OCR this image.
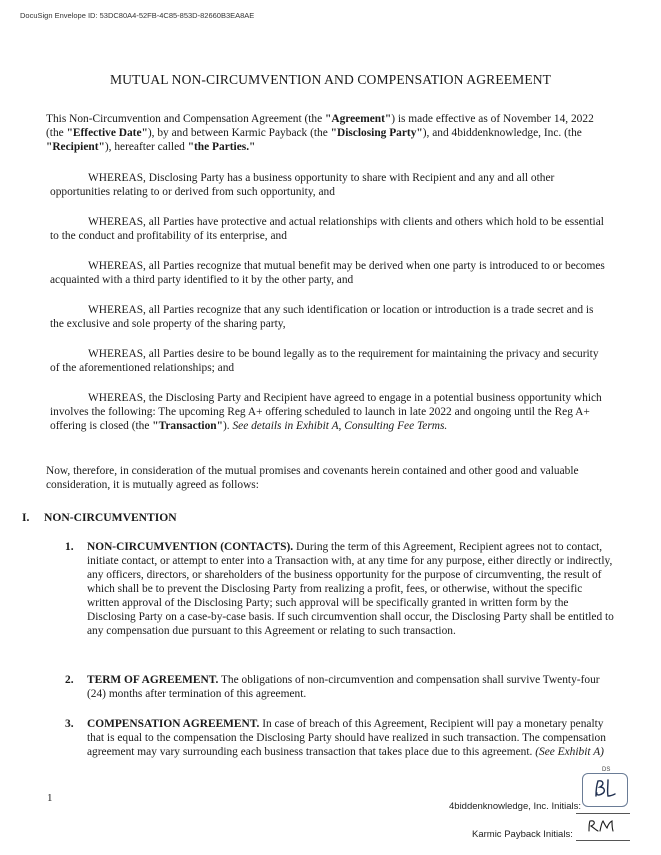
DocuSign Envelope ID: 53DC80A4-52FB-4C85-853D-82660B3EA8AE
MUTUAL NON-CIRCUMVENTION AND COMPENSATION AGREEMENT

This Non-Circumvention and Compensation Agreement (the "Agreement") is made effective as of November 14, 2022 (the "Effective Date"), by and between Karmic Payback (the "Disclosing Party"), and 4biddenknowledge, Inc. (the "Recipient"), hereafter called "the Parties."

WHEREAS, Disclosing Party has a business opportunity to share with Recipient and any and all other opportunities relating to or derived from such opportunity, and

WHEREAS, all Parties have protective and actual relationships with clients and others which hold to be essential to the conduct and profitability of its enterprise, and

WHEREAS, all Parties recognize that mutual benefit may be derived when one party is introduced to or becomes acquainted with a third party identified to it by the other party, and

WHEREAS, all Parties recognize that any such identification or location or introduction is a trade secret and is the exclusive and sole property of the sharing party,

WHEREAS, all Parties desire to be bound legally as to the requirement for maintaining the privacy and security of the aforementioned relationships; and

WHEREAS, the Disclosing Party and Recipient have agreed to engage in a potential business opportunity which involves the following: The upcoming Reg A+ offering scheduled to launch in late 2022 and ongoing until the Reg A+ offering is closed (the "Transaction"). See details in Exhibit A, Consulting Fee Terms.

Now, therefore, in consideration of the mutual promises and covenants herein contained and other good and valuable consideration, it is mutually agreed as follows:

I. NON-CIRCUMVENTION
1. NON-CIRCUMVENTION (CONTACTS). During the term of this Agreement, Recipient agrees not to contact, initiate contact, or attempt to enter into a Transaction with, at any time for any purpose, either directly or indirectly, any officers, directors, or shareholders of the business opportunity for the purpose of circumventing, the result of which shall be to prevent the Disclosing Party from realizing a profit, fees, or otherwise, without the specific written approval of the Disclosing Party; such approval will be specifically granted in written form by the Disclosing Party on a case-by-case basis. If such circumvention shall occur, the Disclosing Party shall be entitled to any compensation due pursuant to this Agreement or relating to such transaction.
2. TERM OF AGREEMENT. The obligations of non-circumvention and compensation shall survive Twenty-four (24) months after termination of this agreement.
3. COMPENSATION AGREEMENT. In case of breach of this Agreement, Recipient will pay a monetary penalty that is equal to the compensation the Disclosing Party should have realized in such transaction. The compensation agreement may vary surrounding each business transaction that takes place due to this agreement. (See Exhibit A)
1
DS
4biddenknowledge, Inc. Initials:
Karmic Payback Initials:
